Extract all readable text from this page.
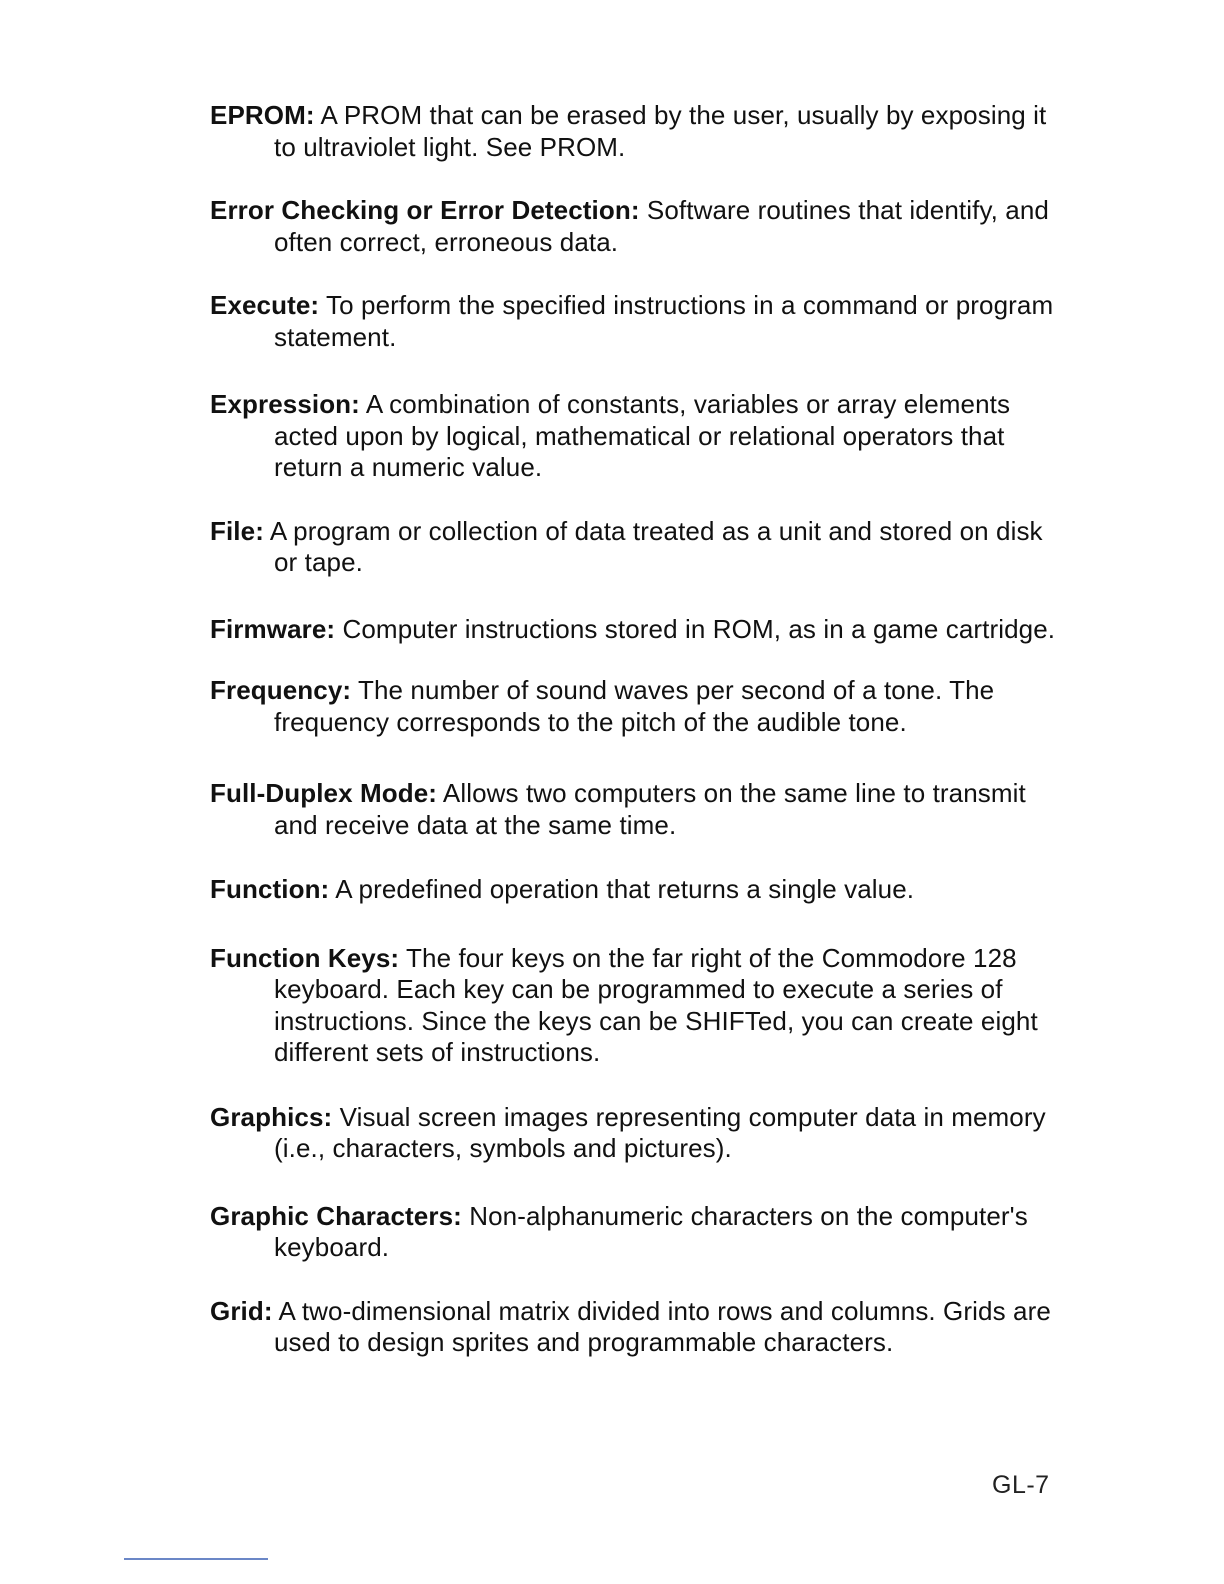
EPROM: A PROM that can be erased by the user, usually by exposing it to ultraviolet light. See PROM.

Error Checking or Error Detection: Software routines that identify, and often correct, erroneous data.

Execute: To perform the specified instructions in a command or program statement.

Expression: A combination of constants, variables or array elements acted upon by logical, mathematical or relational operators that return a numeric value.

File: A program or collection of data treated as a unit and stored on disk or tape.

Firmware: Computer instructions stored in ROM, as in a game cartridge.

Frequency: The number of sound waves per second of a tone. The frequency corresponds to the pitch of the audible tone.

Full-Duplex Mode: Allows two computers on the same line to transmit and receive data at the same time.

Function: A predefined operation that returns a single value.

Function Keys: The four keys on the far right of the Commodore 128 keyboard. Each key can be programmed to execute a series of instructions. Since the keys can be SHIFTed, you can create eight different sets of instructions.

Graphics: Visual screen images representing computer data in memory (i.e., characters, symbols and pictures).

Graphic Characters: Non-alphanumeric characters on the computer's keyboard.

Grid: A two-dimensional matrix divided into rows and columns. Grids are used to design sprites and programmable characters.

GL-7
